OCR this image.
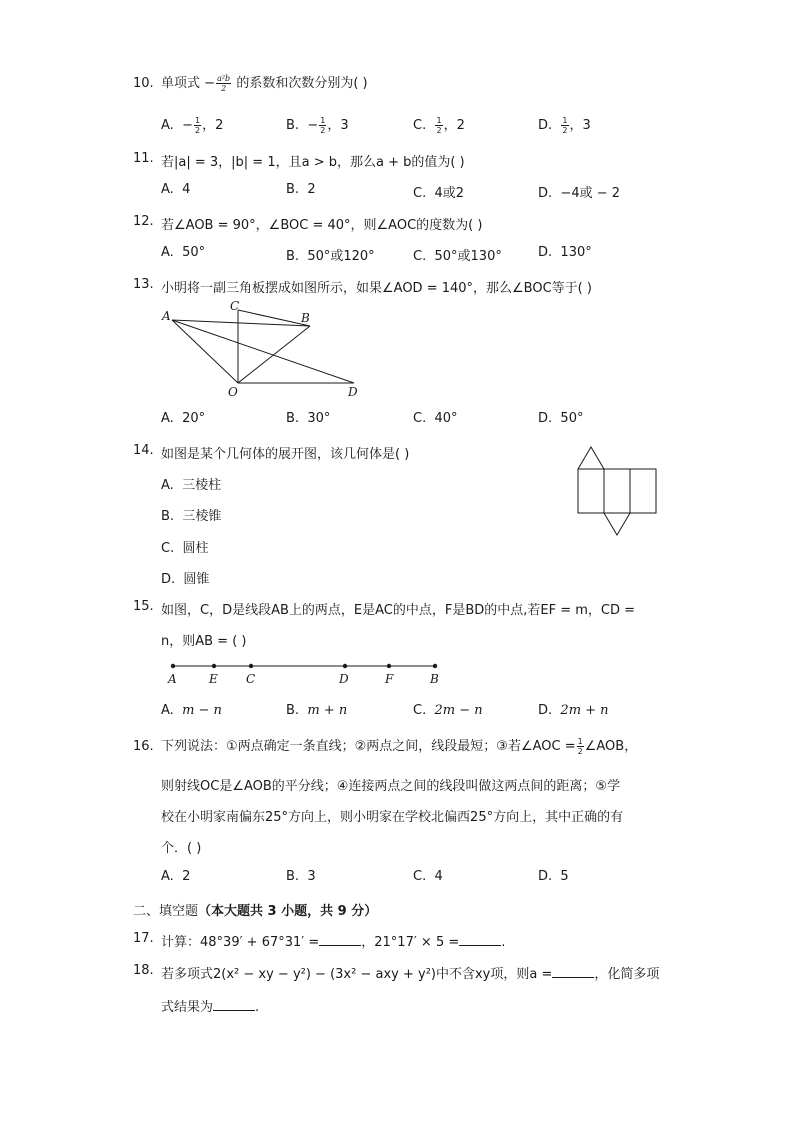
10. 单项式 − $\frac{\text{a²b}}{2}$ 的系数和次数分别为( )
A. − $\frac{1}{2}$ ，2	B. − $\frac{1}{2}$ ，3	C. $\frac{1}{2}$ ，2	D. $\frac{1}{2}$ ，3
11. 若|a| = 3，|b| = 1，且a > b，那么a + b的值为( )
A. 4	B. 2	C. 4或2	D. −4或 − 2
12. 若∠AOB = 90°，∠BOC = 40°，则∠AOC的度数为( )
A. 50°	B. 50°或120°	C. 50°或130°	D. 130°
13. 小明将一副三角板摆成如图所示，如果∠AOD = 140°，那么∠BOC等于( )
A
C
B
O	D
A. 20°	B. 30°	C. 40°	D. 50°
14. 如图是某个几何体的展开图，该几何体是( )
A. 三棱柱
B. 三棱锥
C. 圆柱
D. 圆锥
15. 如图，C，D是线段AB上的两点，E是AC的中点，F是BD的中点,若EF = m，CD =
n，则AB = ( )
A	E C	D	F	B
A. m − n	B. m + n	C. 2m − n	D. 2m + n
16. 下列说法：①两点确定一条直线；②两点之间，线段最短；③若∠AOC = $\frac{1}{2}$ ∠AOB，
则射线OC是∠AOB的平分线；④连接两点之间的线段叫做这两点间的距离；⑤学
校在小明家南偏东25°方向上，则小明家在学校北偏西25°方向上，其中正确的有
个．( )
A. 2	B. 3	C. 4	D. 5
二、填空题（本大题共 3 小题，共 9 分）
17. 计算：48°39′ + 67°31′ =	，21°17′ × 5 =	.
18. 若多项式2(x² − xy − y²) − (3x² − axy + y²)中不含xy项，则a =	，化简多项
式结果为	.
